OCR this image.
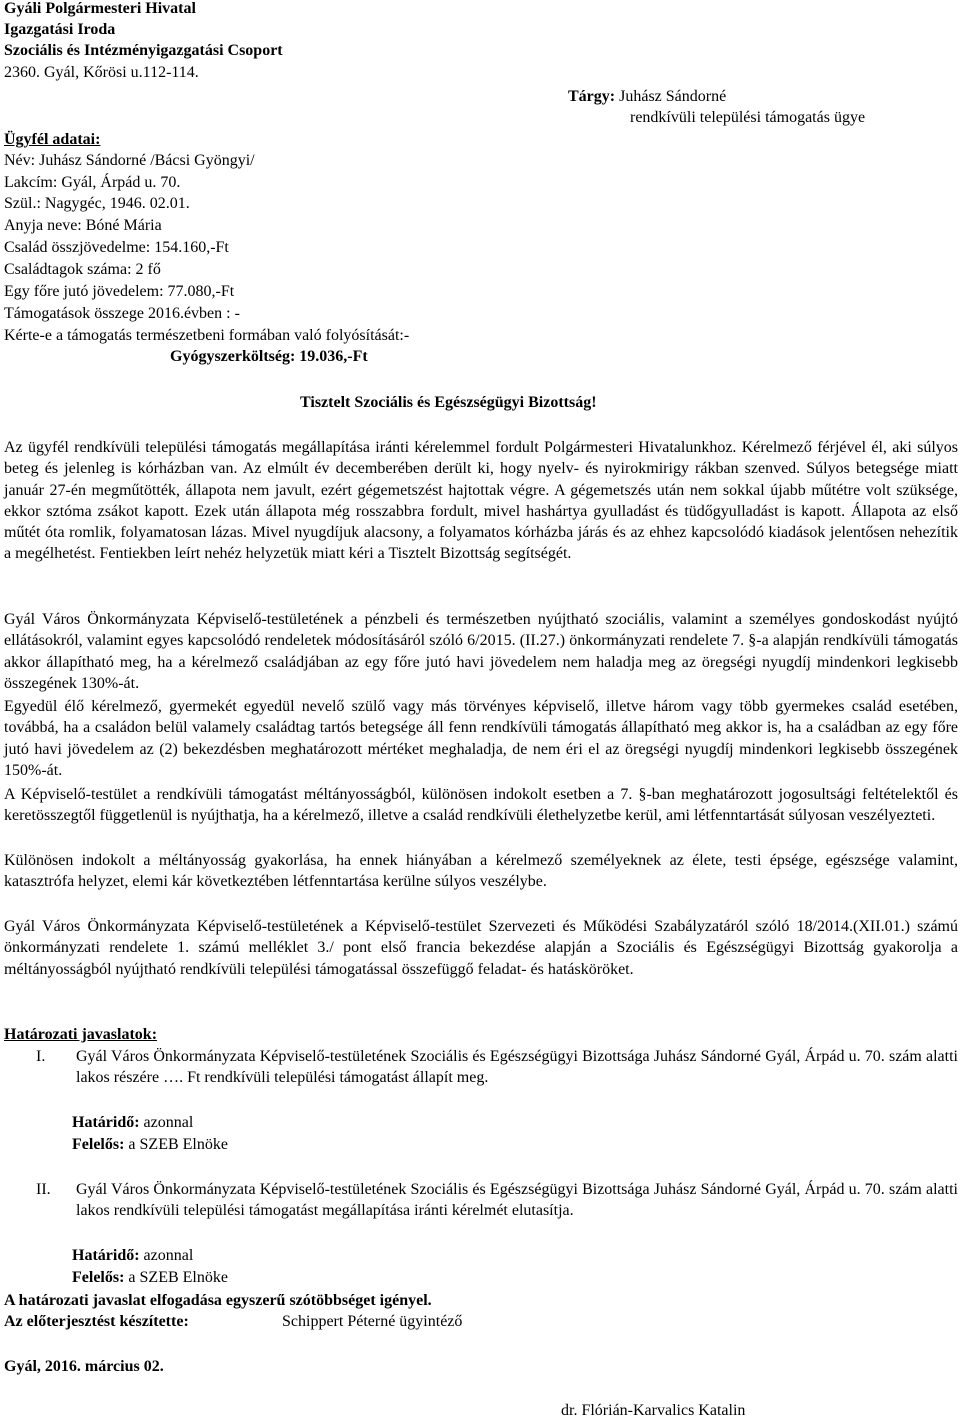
Gyáli Polgármesteri Hivatal
Igazgatási Iroda
Szociális és Intézményigazgatási Csoport
2360. Gyál, Kőrösi u.112-114.
Tárgy: Juhász Sándorné
rendkívüli települési támogatás ügye
Ügyfél adatai:
Név: Juhász Sándorné /Bácsi Gyöngyi/
Lakcím: Gyál, Árpád u. 70.
Szül.: Nagygéc, 1946. 02.01.
Anyja neve: Bóné Mária
Család összjövedelme: 154.160,-Ft
Családtagok száma: 2 fő
Egy főre jutó jövedelem: 77.080,-Ft
Támogatások összege 2016.évben : -
Kérte-e a támogatás természetbeni formában való folyósítását:-
Gyógyszerköltség: 19.036,-Ft
Tisztelt Szociális és Egészségügyi Bizottság!
Az ügyfél rendkívüli települési támogatás megállapítása iránti kérelemmel fordult Polgármesteri Hivatalunkhoz. Kérelmező férjével él, aki súlyos beteg és jelenleg is kórházban van. Az elmúlt év decemberében derült ki, hogy nyelv- és nyirokmirigy rákban szenved. Súlyos betegsége miatt január 27-én megműtötték, állapota nem javult, ezért gégemetszést hajtottak végre. A gégemetszés után nem sokkal újabb műtétre volt szüksége, ekkor sztóma zsákot kapott. Ezek után állapota még rosszabbra fordult, mivel hashártya gyulladást és tüdőgyulladást is kapott. Állapota az első műtét óta romlik, folyamatosan lázas. Mivel nyugdíjuk alacsony, a folyamatos kórházba járás és az ehhez kapcsolódó kiadások jelentősen nehezítik a megélhetést. Fentiekben leírt nehéz helyzetük miatt kéri a Tisztelt Bizottság segítségét.
Gyál Város Önkormányzata Képviselő-testületének a pénzbeli és természetben nyújtható szociális, valamint a személyes gondoskodást nyújtó ellátásokról, valamint egyes kapcsolódó rendeletek módosításáról szóló 6/2015. (II.27.) önkormányzati rendelete 7. §-a alapján rendkívüli támogatás akkor állapítható meg, ha a kérelmező családjában az egy főre jutó havi jövedelem nem haladja meg az öregségi nyugdíj mindenkori legkisebb összegének 130%-át.
Egyedül élő kérelmező, gyermekét egyedül nevelő szülő vagy más törvényes képviselő, illetve három vagy több gyermekes család esetében, továbbá, ha a családon belül valamely családtag tartós betegsége áll fenn rendkívüli támogatás állapítható meg akkor is, ha a családban az egy főre jutó havi jövedelem az (2) bekezdésben meghatározott mértéket meghaladja, de nem éri el az öregségi nyugdíj mindenkori legkisebb összegének 150%-át.
A Képviselő-testület a rendkívüli támogatást méltányosságból, különösen indokolt esetben a 7. §-ban meghatározott jogosultsági feltételektől és keretösszegtől függetlenül is nyújthatja, ha a kérelmező, illetve a család rendkívüli élethelyzetbe kerül, ami létfenntartását súlyosan veszélyezteti.
Különösen indokolt a méltányosság gyakorlása, ha ennek hiányában a kérelmező személyeknek az élete, testi épsége, egészsége valamint, katasztrófa helyzet, elemi kár következtében létfenntartása kerülne súlyos veszélybe.
Gyál Város Önkormányzata Képviselő-testületének a Képviselő-testület Szervezeti és Működési Szabályzatáról szóló 18/2014.(XII.01.) számú önkormányzati rendelete 1. számú melléklet 3./ pont első francia bekezdése alapján a Szociális és Egészségügyi Bizottság gyakorolja a méltányosságból nyújtható rendkívüli települési támogatással összefüggő feladat- és hatásköröket.
Határozati javaslatok:
I. Gyál Város Önkormányzata Képviselő-testületének Szociális és Egészségügyi Bizottsága Juhász Sándorné Gyál, Árpád u. 70. szám alatti lakos részére …. Ft rendkívüli települési támogatást állapít meg.
Határidő: azonnal
Felelős: a SZEB Elnöke
II. Gyál Város Önkormányzata Képviselő-testületének Szociális és Egészségügyi Bizottsága Juhász Sándorné Gyál, Árpád u. 70. szám alatti lakos rendkívüli települési támogatást megállapítása iránti kérelmét elutasítja.
Határidő: azonnal
Felelős: a SZEB Elnöke
A határozati javaslat elfogadása egyszerű szótöbbséget igényel.
Az előterjesztést készítette:	Schippert Péterné ügyintéző
Gyál, 2016. március 02.
dr. Flórián-Karvalics Katalin
